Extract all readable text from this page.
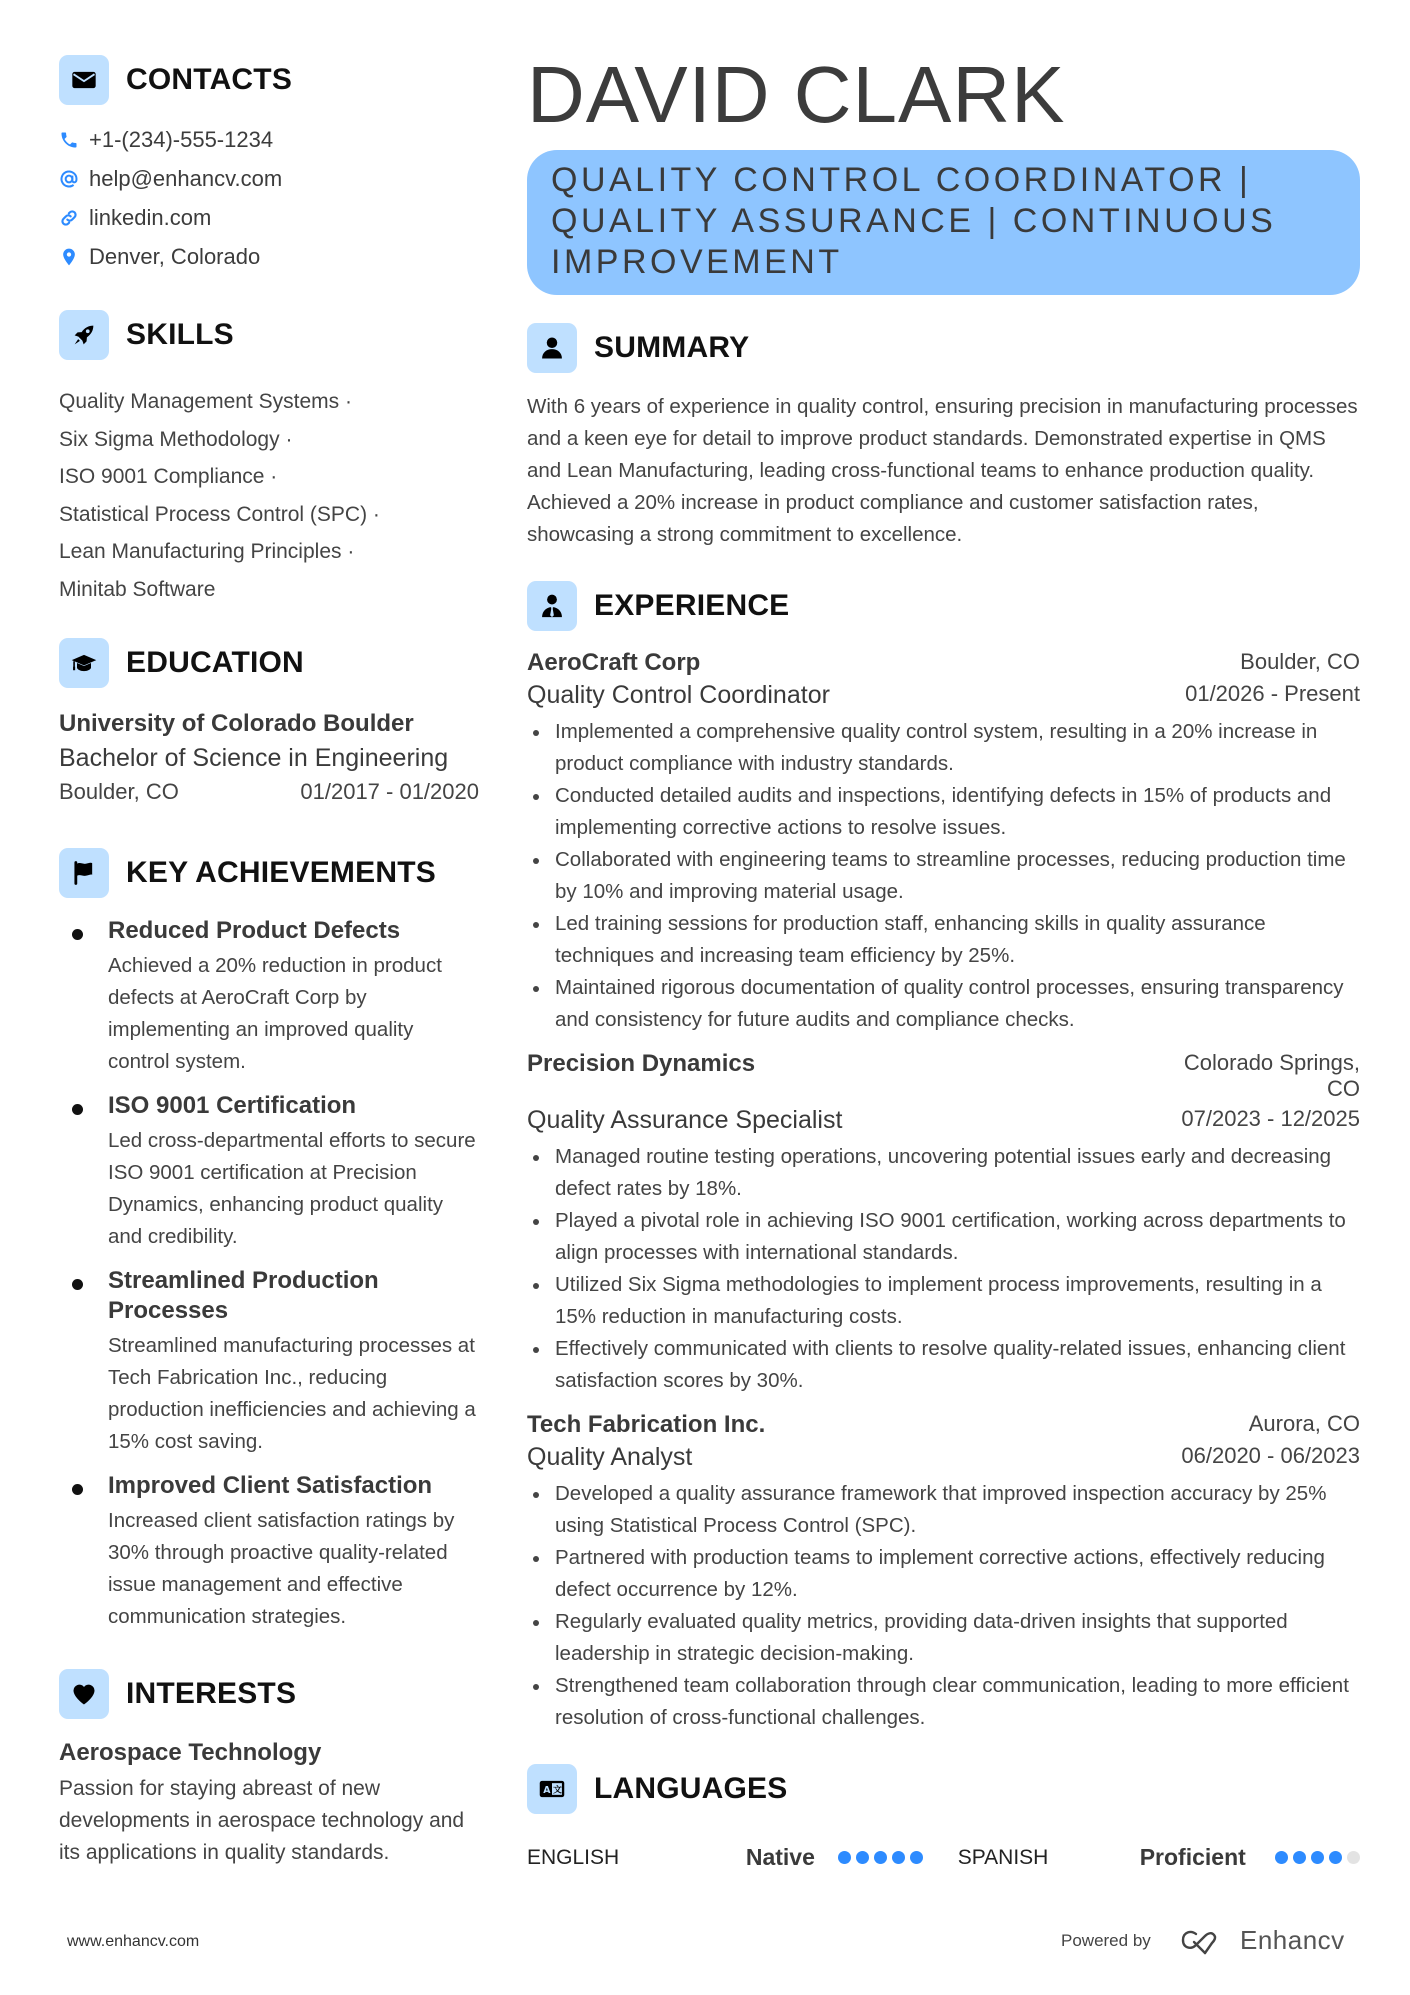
CONTACTS
+1-(234)-555-1234
help@enhancv.com
linkedin.com
Denver, Colorado
SKILLS
Quality Management Systems ·
Six Sigma Methodology ·
ISO 9001 Compliance ·
Statistical Process Control (SPC) ·
Lean Manufacturing Principles ·
Minitab Software
EDUCATION
University of Colorado Boulder
Bachelor of Science in Engineering
Boulder, CO	01/2017 - 01/2020
KEY ACHIEVEMENTS
Reduced Product Defects
Achieved a 20% reduction in product defects at AeroCraft Corp by implementing an improved quality control system.
ISO 9001 Certification
Led cross-departmental efforts to secure ISO 9001 certification at Precision Dynamics, enhancing product quality and credibility.
Streamlined Production Processes
Streamlined manufacturing processes at Tech Fabrication Inc., reducing production inefficiencies and achieving a 15% cost saving.
Improved Client Satisfaction
Increased client satisfaction ratings by 30% through proactive quality-related issue management and effective communication strategies.
INTERESTS
Aerospace Technology
Passion for staying abreast of new developments in aerospace technology and its applications in quality standards.
DAVID CLARK
QUALITY CONTROL COORDINATOR | QUALITY ASSURANCE | CONTINUOUS IMPROVEMENT
SUMMARY
With 6 years of experience in quality control, ensuring precision in manufacturing processes and a keen eye for detail to improve product standards. Demonstrated expertise in QMS and Lean Manufacturing, leading cross-functional teams to enhance production quality. Achieved a 20% increase in product compliance and customer satisfaction rates, showcasing a strong commitment to excellence.
EXPERIENCE
AeroCraft Corp	Boulder, CO
Quality Control Coordinator	01/2026 - Present
Implemented a comprehensive quality control system, resulting in a 20% increase in product compliance with industry standards.
Conducted detailed audits and inspections, identifying defects in 15% of products and implementing corrective actions to resolve issues.
Collaborated with engineering teams to streamline processes, reducing production time by 10% and improving material usage.
Led training sessions for production staff, enhancing skills in quality assurance techniques and increasing team efficiency by 25%.
Maintained rigorous documentation of quality control processes, ensuring transparency and consistency for future audits and compliance checks.
Precision Dynamics	Colorado Springs, CO
Quality Assurance Specialist	07/2023 - 12/2025
Managed routine testing operations, uncovering potential issues early and decreasing defect rates by 18%.
Played a pivotal role in achieving ISO 9001 certification, working across departments to align processes with international standards.
Utilized Six Sigma methodologies to implement process improvements, resulting in a 15% reduction in manufacturing costs.
Effectively communicated with clients to resolve quality-related issues, enhancing client satisfaction scores by 30%.
Tech Fabrication Inc.	Aurora, CO
Quality Analyst	06/2020 - 06/2023
Developed a quality assurance framework that improved inspection accuracy by 25% using Statistical Process Control (SPC).
Partnered with production teams to implement corrective actions, effectively reducing defect occurrence by 12%.
Regularly evaluated quality metrics, providing data-driven insights that supported leadership in strategic decision-making.
Strengthened team collaboration through clear communication, leading to more efficient resolution of cross-functional challenges.
A 文 LANGUAGES
ENGLISH	Native	SPANISH	Proficient
www.enhancv.com	Powered by	Enhancv
